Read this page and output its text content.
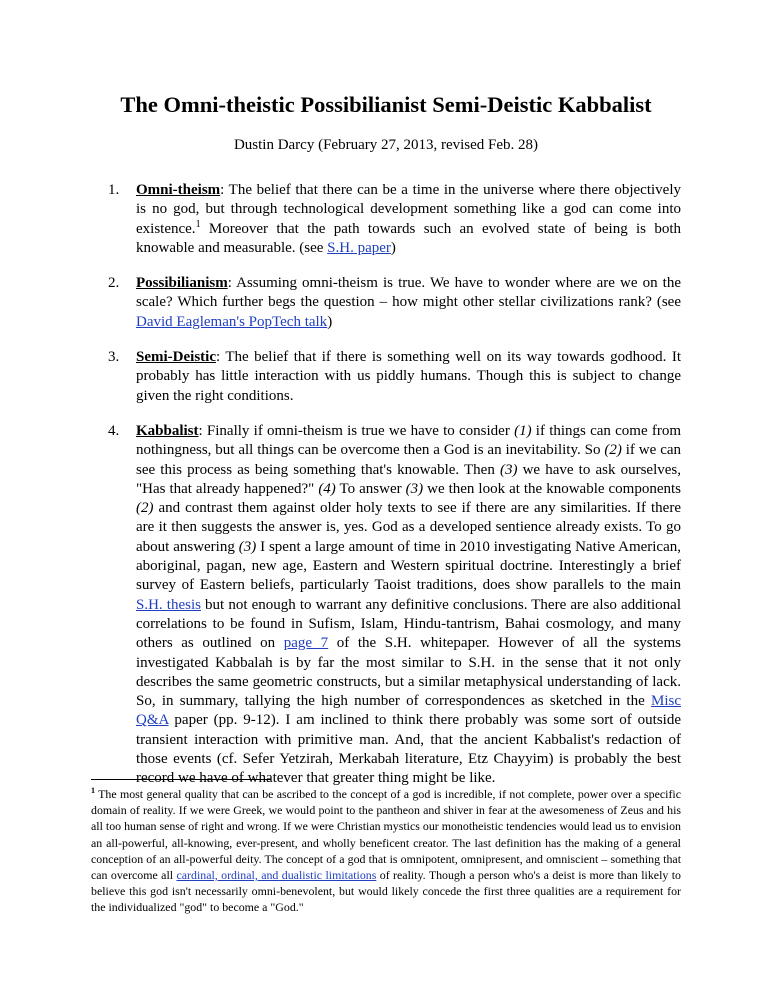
The Omni-theistic Possibilianist Semi-Deistic Kabbalist
Dustin Darcy (February 27, 2013, revised Feb. 28)
1. Omni-theism: The belief that there can be a time in the universe where there objectively is no god, but through technological development something like a god can come into existence.$^1$ Moreover that the path towards such an evolved state of being is both knowable and measurable. (see S.H. paper)
2. Possibilianism: Assuming omni-theism is true. We have to wonder where are we on the scale? Which further begs the question – how might other stellar civilizations rank? (see David Eagleman's PopTech talk)
3. Semi-Deistic: The belief that if there is something well on its way towards godhood. It probably has little interaction with us piddly humans. Though this is subject to change given the right conditions.
4. Kabbalist: Finally if omni-theism is true we have to consider (1) if things can come from nothingness, but all things can be overcome then a God is an inevitability. So (2) if we can see this process as being something that's knowable. Then (3) we have to ask ourselves, "Has that already happened?" (4) To answer (3) we then look at the knowable components (2) and contrast them against older holy texts to see if there are any similarities. If there are it then suggests the answer is, yes. God as a developed sentience already exists. To go about answering (3) I spent a large amount of time in 2010 investigating Native American, aboriginal, pagan, new age, Eastern and Western spiritual doctrine. Interestingly a brief survey of Eastern beliefs, particularly Taoist traditions, does show parallels to the main S.H. thesis but not enough to warrant any definitive conclusions. There are also additional correlations to be found in Sufism, Islam, Hindu-tantrism, Bahai cosmology, and many others as outlined on page 7 of the S.H. whitepaper. However of all the systems investigated Kabbalah is by far the most similar to S.H. in the sense that it not only describes the same geometric constructs, but a similar metaphysical understanding of lack. So, in summary, tallying the high number of correspondences as sketched in the Misc Q&A paper (pp. 9-12). I am inclined to think there probably was some sort of outside transient interaction with primitive man. And, that the ancient Kabbalist's redaction of those events (cf. Sefer Yetzirah, Merkabah literature, Etz Chayyim) is probably the best record we have of whatever that greater thing might be like.
$^1$ The most general quality that can be ascribed to the concept of a god is incredible, if not complete, power over a specific domain of reality. If we were Greek, we would point to the pantheon and shiver in fear at the awesomeness of Zeus and his all too human sense of right and wrong. If we were Christian mystics our monotheistic tendencies would lead us to envision an all-powerful, all-knowing, ever-present, and wholly beneficent creator. The last definition has the making of a general conception of an all-powerful deity. The concept of a god that is omnipotent, omnipresent, and omniscient – something that can overcome all cardinal, ordinal, and dualistic limitations of reality. Though a person who's a deist is more than likely to believe this god isn't necessarily omni-benevolent, but would likely concede the first three qualities are a requirement for the individualized "god" to become a "God."
